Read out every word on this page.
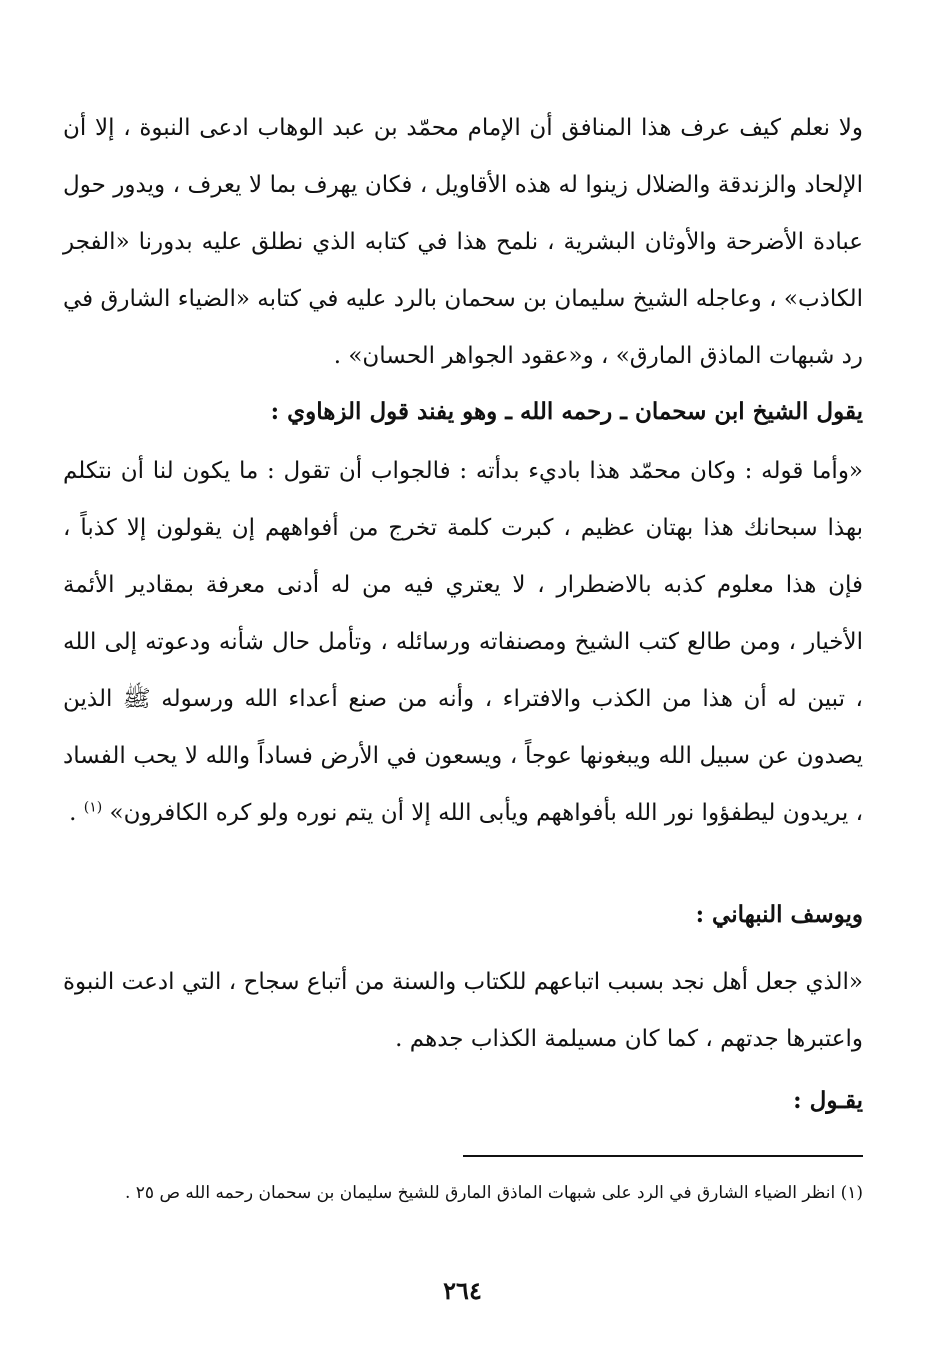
ولا نعلم كيف عرف هذا المنافق أن الإمام محمّد بن عبد الوهاب ادعى النبوة ، إلا أن الإلحاد والزندقة والضلال زينوا له هذه الأقاويل ، فكان يهرف بما لا يعرف ، ويدور حول عبادة الأضرحة والأوثان البشرية ، نلمح هذا في كتابه الذي نطلق عليه بدورنا «الفجر الكاذب» ، وعاجله الشيخ سليمان بن سحمان بالرد عليه في كتابه «الضياء الشارق في رد شبهات الماذق المارق» ، و«عقود الجواهر الحسان» .

يقول الشيخ ابن سحمان ـ رحمه الله ـ وهو يفند قول الزهاوي :

«وأما قوله : وكان محمّد هذا باديء بدأته : فالجواب أن تقول : ما يكون لنا أن نتكلم بهذا سبحانك هذا بهتان عظيم ، كبرت كلمة تخرج من أفواههم إن يقولون إلا كذباً ، فإن هذا معلوم كذبه بالاضطرار ، لا يعتري فيه من له أدنى معرفة بمقادير الأئمة الأخيار ، ومن طالع كتب الشيخ ومصنفاته ورسائله ، وتأمل حال شأنه ودعوته إلى الله ، تبين له أن هذا من الكذب والافتراء ، وأنه من صنع أعداء الله ورسوله ﷺ الذين يصدون عن سبيل الله ويبغونها عوجاً ، ويسعون في الأرض فساداً والله لا يحب الفساد ، يريدون ليطفؤوا نور الله بأفواههم ويأبى الله إلا أن يتم نوره ولو كره الكافرون» $^{(١)}$ .

ويوسف النبهاني :

«الذي جعل أهل نجد بسبب اتباعهم للكتاب والسنة من أتباع سجاح ، التي ادعت النبوة واعتبرها جدتهم ، كما كان مسيلمة الكذاب جدهم .

يقـول :

(١) انظر الضياء الشارق في الرد على شبهات الماذق المارق للشيخ سليمان بن سحمان رحمه الله ص ٢٥ .
٢٦٤
